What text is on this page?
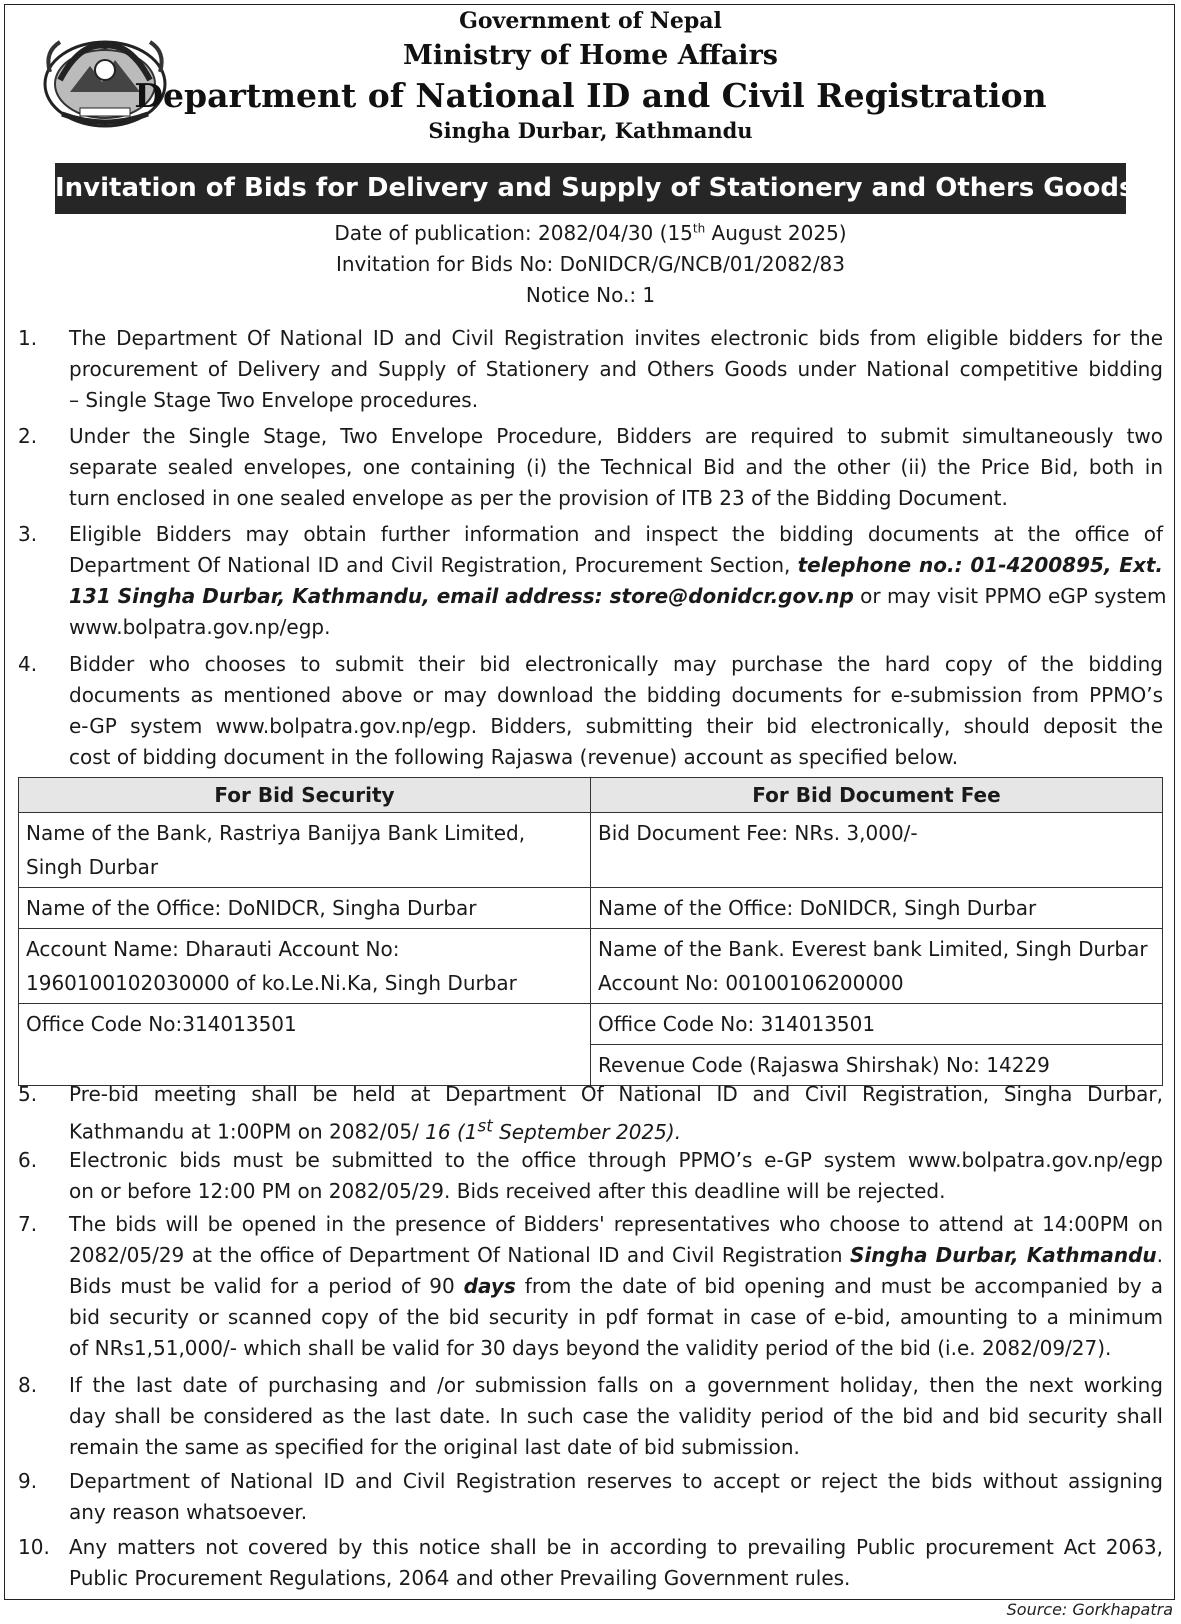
Government of Nepal
Ministry of Home Affairs
Department of National ID and Civil Registration
Singha Durbar, Kathmandu
Invitation of Bids for Delivery and Supply of Stationery and Others Goods
Date of publication: 2082/04/30 (15th August 2025)
Invitation for Bids No: DoNIDCR/G/NCB/01/2082/83
Notice No.: 1
1. The Department Of National ID and Civil Registration invites electronic bids from eligible bidders for the
procurement of Delivery and Supply of Stationery and Others Goods under National competitive bidding
– Single Stage Two Envelope procedures.
2. Under the Single Stage, Two Envelope Procedure, Bidders are required to submit simultaneously two
separate sealed envelopes, one containing (i) the Technical Bid and the other (ii) the Price Bid, both in
turn enclosed in one sealed envelope as per the provision of ITB 23 of the Bidding Document.
3. Eligible Bidders may obtain further information and inspect the bidding documents at the office of
Department Of National ID and Civil Registration, Procurement Section, telephone no.: 01-4200895, Ext.
131 Singha Durbar, Kathmandu, email address: store@donidcr.gov.np or may visit PPMO eGP system
www.bolpatra.gov.np/egp.
4. Bidder who chooses to submit their bid electronically may purchase the hard copy of the bidding
documents as mentioned above or may download the bidding documents for e-submission from PPMO’s
e-GP system www.bolpatra.gov.np/egp. Bidders, submitting their bid electronically, should deposit the
cost of bidding document in the following Rajaswa (revenue) account as specified below.
For Bid Security	For Bid Document Fee

Name of the Bank, Rastriya Banijya Bank Limited,
Singh Durbar	Bid Document Fee: NRs. 3,000/-

Name of the Office: DoNIDCR, Singha Durbar	Name of the Office: DoNIDCR, Singh Durbar

Account Name: Dharauti Account No:
1960100102030000 of ko.Le.Ni.Ka, Singh Durbar	Name of the Bank. Everest bank Limited, Singh Durbar
Account No: 00100106200000

Office Code No:314013501	Office Code No: 314013501
	Revenue Code (Rajaswa Shirshak) No: 14229
5. Pre-bid meeting shall be held at Department Of National ID and Civil Registration, Singha Durbar,
Kathmandu at 1:00PM on 2082/05/ 16 (1st September 2025).
6. Electronic bids must be submitted to the office through PPMO’s e-GP system www.bolpatra.gov.np/egp
on or before 12:00 PM on 2082/05/29. Bids received after this deadline will be rejected.
7. The bids will be opened in the presence of Bidders' representatives who choose to attend at 14:00PM on
2082/05/29 at the office of Department Of National ID and Civil Registration Singha Durbar, Kathmandu.
Bids must be valid for a period of 90 days from the date of bid opening and must be accompanied by a
bid security or scanned copy of the bid security in pdf format in case of e-bid, amounting to a minimum
of NRs1,51,000/- which shall be valid for 30 days beyond the validity period of the bid (i.e. 2082/09/27).
8. If the last date of purchasing and /or submission falls on a government holiday, then the next working
day shall be considered as the last date. In such case the validity period of the bid and bid security shall
remain the same as specified for the original last date of bid submission.
9. Department of National ID and Civil Registration reserves to accept or reject the bids without assigning
any reason whatsoever.
10. Any matters not covered by this notice shall be in according to prevailing Public procurement Act 2063,
Public Procurement Regulations, 2064 and other Prevailing Government rules.
Source: Gorkhapatra
